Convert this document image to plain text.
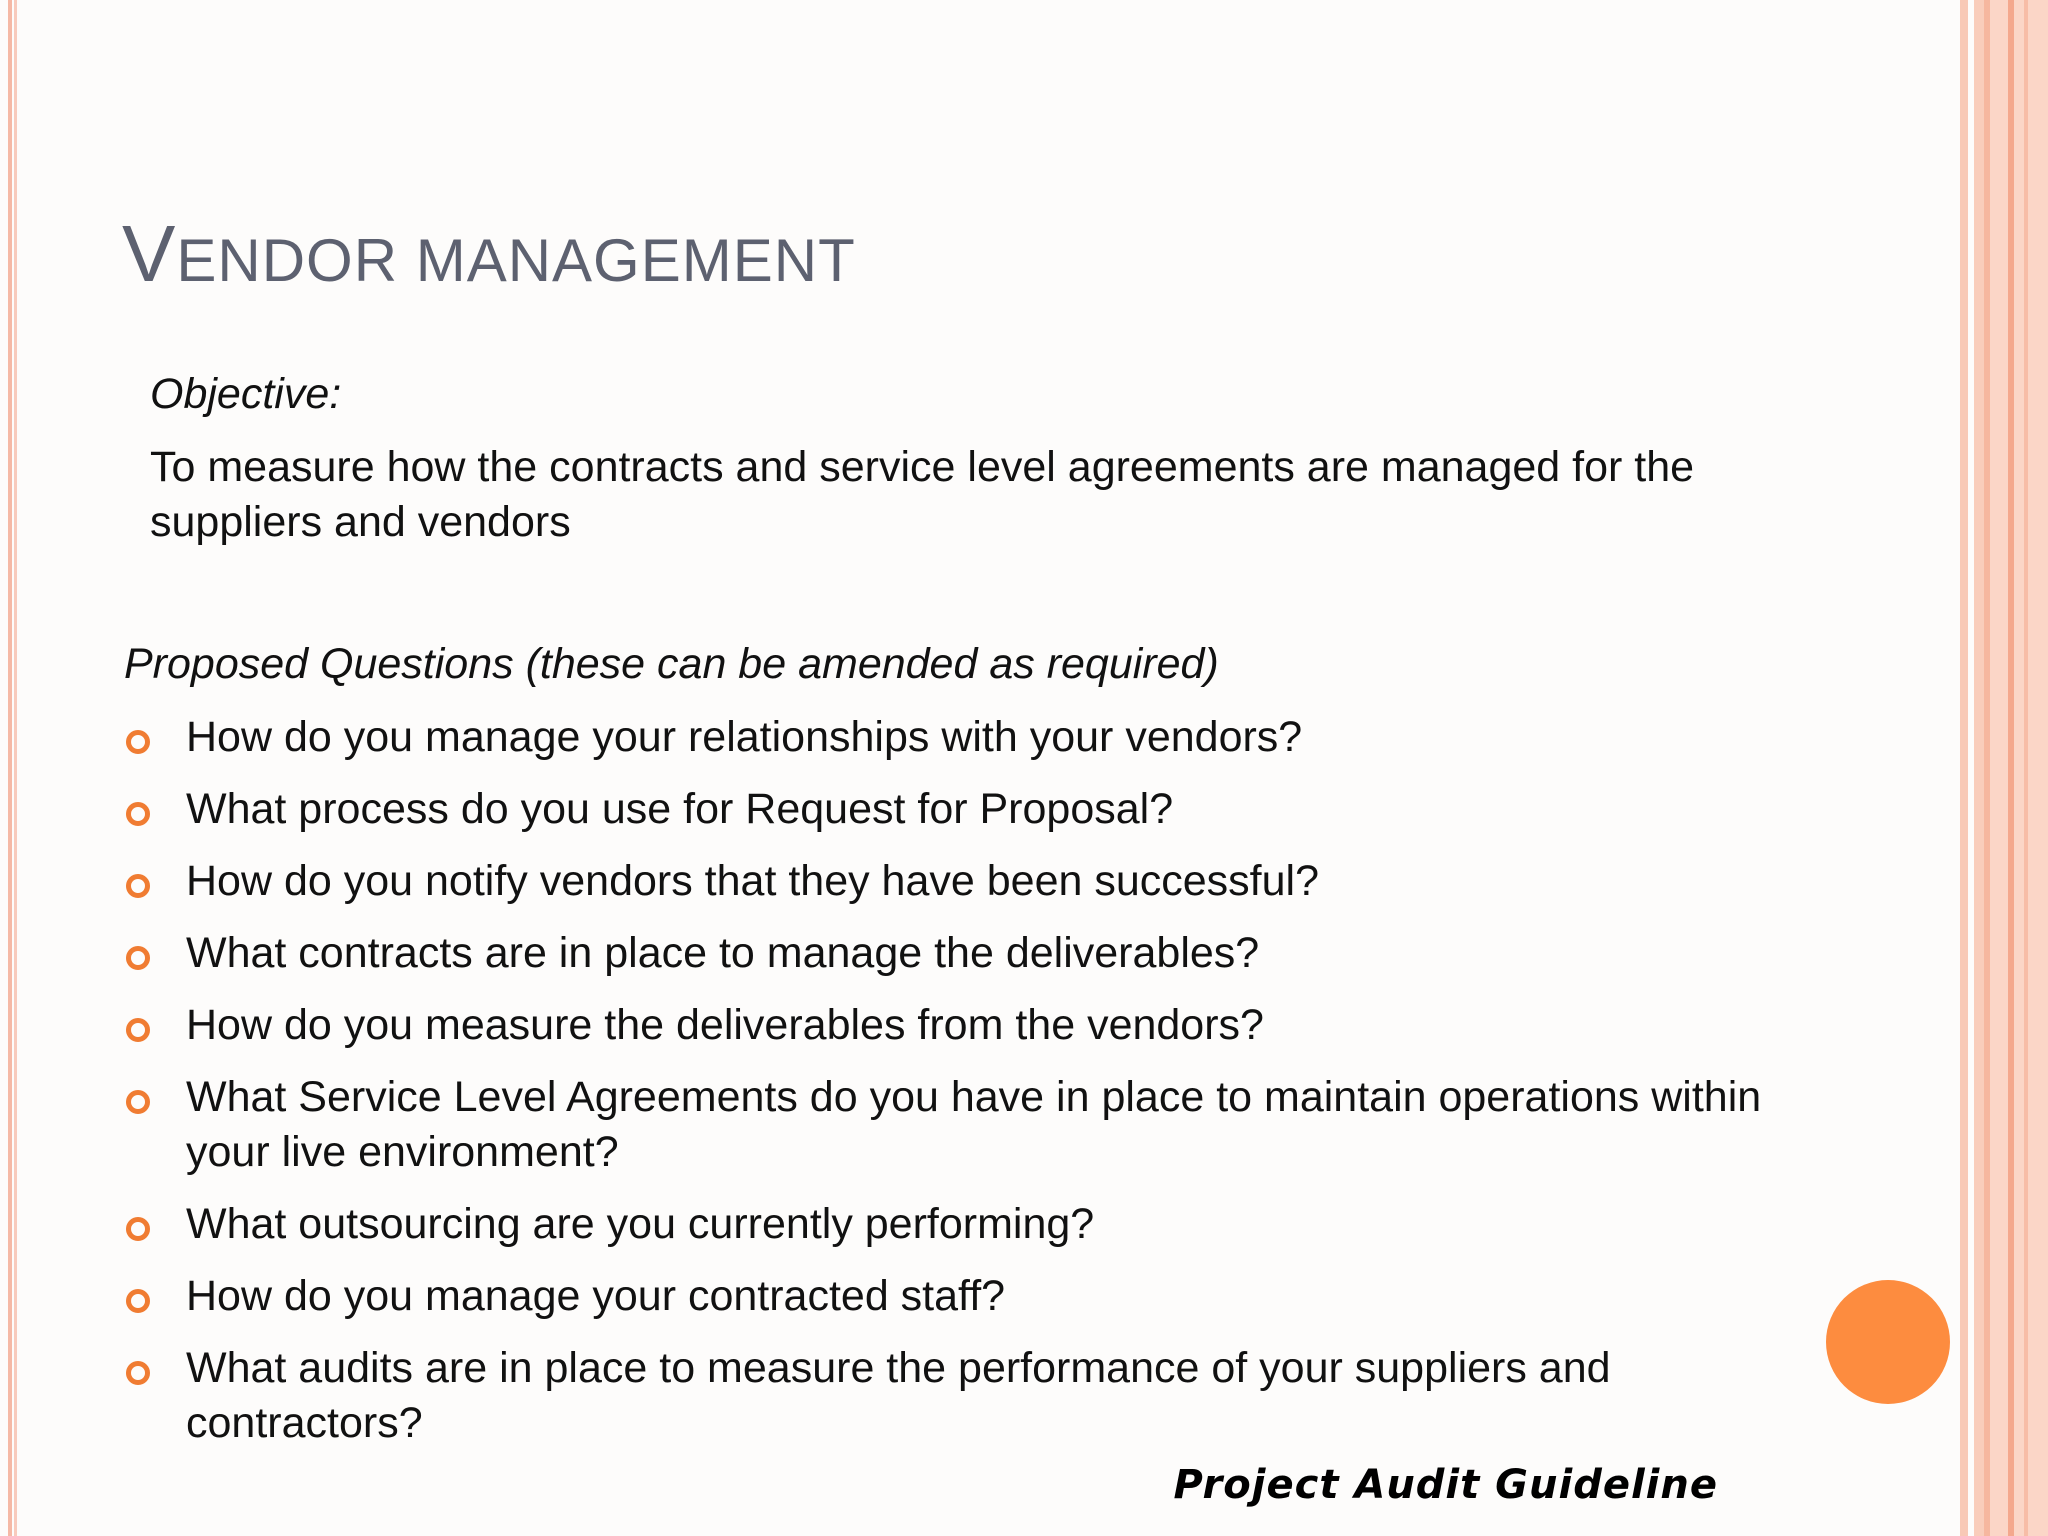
VENDOR MANAGEMENT
Objective:
To measure how the contracts and service level agreements are managed for the suppliers and vendors
Proposed Questions (these can be amended as required)
How do you manage your relationships with your vendors?
What process do you use for Request for Proposal?
How do you notify vendors that they have been successful?
What contracts are in place to manage the deliverables?
How do you measure the deliverables from the vendors?
What Service Level Agreements do you have in place to maintain operations within your live environment?
What outsourcing are you currently performing?
How do you manage your contracted staff?
What audits are in place to measure the performance of your suppliers and contractors?
Project Audit Guideline
